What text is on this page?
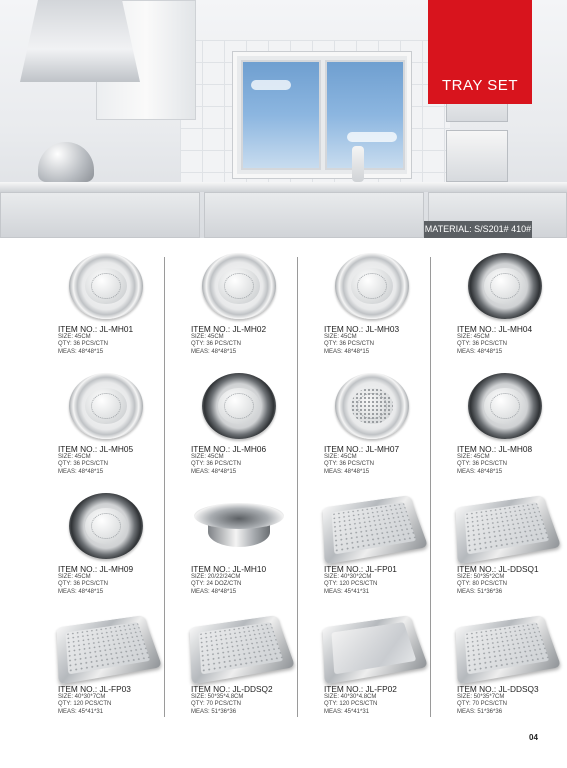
TRAY SET
MATERIAL: S/S201# 410#
ITEM NO.: JL-MH01
SIZE: 45CM
QTY: 36 PCS/CTN
MEAS: 48*48*15
ITEM NO.: JL-MH02
SIZE: 45CM
QTY: 36 PCS/CTN
MEAS: 48*48*15
ITEM NO.: JL-MH03
SIZE: 45CM
QTY: 36 PCS/CTN
MEAS: 48*48*15
ITEM NO.: JL-MH04
SIZE: 45CM
QTY: 36 PCS/CTN
MEAS: 48*48*15
ITEM NO.: JL-MH05
SIZE: 45CM
QTY: 36 PCS/CTN
MEAS: 48*48*15
ITEM NO.: JL-MH06
SIZE: 45CM
QTY: 36 PCS/CTN
MEAS: 48*48*15
ITEM NO.: JL-MH07
SIZE: 45CM
QTY: 36 PCS/CTN
MEAS: 48*48*15
ITEM NO.: JL-MH08
SIZE: 45CM
QTY: 36 PCS/CTN
MEAS: 48*48*15
ITEM NO.: JL-MH09
SIZE: 45CM
QTY: 36 PCS/CTN
MEAS: 48*48*15
ITEM NO.: JL-MH10
SIZE: 20/22/24CM
QTY: 24 DOZ/CTN
MEAS: 48*48*15
ITEM NO.: JL-FP01
SIZE: 40*30*2CM
QTY: 120 PCS/CTN
MEAS: 45*41*31
ITEM NO.: JL-DDSQ1
SIZE: 50*35*2CM
QTY: 80 PCS/CTN
MEAS: 51*36*36
ITEM NO.: JL-FP03
SIZE: 40*30*7CM
QTY: 120 PCS/CTN
MEAS: 45*41*31
ITEM NO.: JL-DDSQ2
SIZE: 50*35*4.8CM
QTY: 70 PCS/CTN
MEAS: 51*36*36
ITEM NO.: JL-FP02
SIZE: 40*30*4.8CM
QTY: 120 PCS/CTN
MEAS: 45*41*31
ITEM NO.: JL-DDSQ3
SIZE: 50*35*7CM
QTY: 70 PCS/CTN
MEAS: 51*36*36
04
